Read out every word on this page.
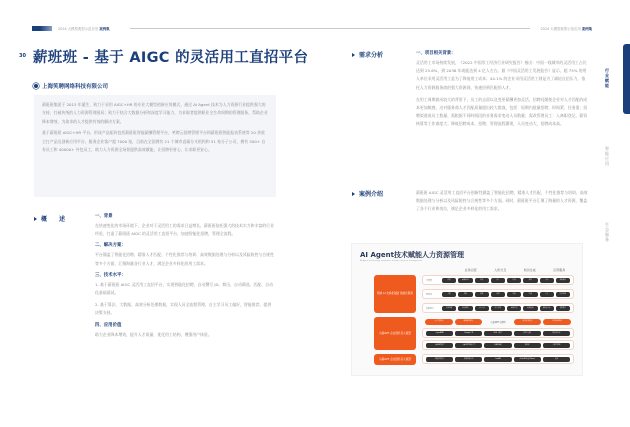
2024 大模型典型示范应用 案例集	2024 大模型典型示范应用 案例集
30 薪班班 - 基于 AIGC 的灵活用工直招平台
上海笑聘网络科技有限公司

薪班班集团于 2015 年诞生，致力于采用 AIGC+HR 的专业大模型创新应用模式，通过 AI Agent 技术为人力资源行业提供强大的支持，打破传统的人力资源管理困局；致力于结合大数据分析和深度学习能力，为求职者提供职业全生命周期的管理服务，帮助企业降本增效，为欲求的人才提供有效的解决方案。

基于薪班班 AIGC+HR 平台，形成产品矩阵包括薪班班智能薪酬管理平台、笑聘云招聘管理平台和薪班班智能报表系统等 20 余款主打产品及创新应用平台，服务企业客户超 7000 家，目前在全国拥有 21 个城市直属分支机构和 51 家分子公司，拥有 500+ 自有员工和 40000+ 外包员工，助力人力资源全场景提供高效赋能，让招聘更省心，让求职更安心。

概　　述	一、背景
在快速变化的市场环境下，企业对于灵活用工的需求日益增长。薪班班依托强大的技术实力和丰富的行业经验，打造了薪班班 AIGC 的灵活用工直招平台，加速智能化招聘，管理全流程。
二、解决方案：
平台涵盖了智能化招聘、精准人才匹配、个性化推荐与培训、高效数据处理与分析以及风险防控与合规性等多个方面，汇聚海量各行业人才，满足企业多样化的用工需求。
三、技术水平：
1. 基于薪班班 AIGC 灵活用工直招平台，实现智能化招聘，自动撰写 JD、简历，自动筛选、匹配、自动化基础面试。
2. 基于算法、大数据、高效分析处理数据，实现人员全流程管理，自主学习员工偏好，智能推荐，提供决策支持。
四、应用价值
助力企业降本增效，提升人才质量，优化用工结构，增强用户体验。
需求分析	一、项目相关背景：
灵活用工市场持续发展，《2022 中国零工经济行业研究报告》指出：中国一线城市的灵活用工占比达到 25.6%，到 2036 年或能达到 4 亿人左右。据《中国灵活用工发展报告》显示，超 75% 的用人单位采用灵活用工是为了降低用工成本；44.1% 的企业采用灵活用工则是为了减轻自招压力，依托人力资源服务商的强大资源网，快速招到匹配的人才。
在用工周期波动较大的背景下，员工的去留以及变更薪酬更加灵活，招聘问题使企业对人才匹配的成本更加敏感，这对服务商人才匹配质量提出较大挑战，包括：短期内批量招聘、时间紧、任务重；招聘渠道或员工数量、需根据不同时间段的业务需求变动人员数量；需改管理员工：入离职登记、薪资核算等工作难度大；降低招聘成本、招聘、管理流程繁琐，人员变动大，招聘成本高。
案例介绍	薪班班 AIGC 灵活用工直招平台创新性涵盖了智能化招聘、精准人才匹配、个性化推荐与培训、高效数据处理与分析以及风险防控与合规性等多个方面。同时，薪班班平台汇聚了海量的人才资源，覆盖了各个行业和岗位，满足企业多样化的用工需求。
AI Agent技术赋能人力资源管理
AI Agent technology empowers human resource management
业务运营	人机交互	知识生成	应用服务
领域 AI 全栈化赋能 智能化服务
大模型	招聘	薪酬管理	社保	用工	培训	绩效	合同	数据服务
智能体	入职	离职	考勤	排班	审批	结算	工资	风控管理
基础能力	语义理解	知识图谱	文本生成	语音识别	图像识别	数据挖掘	多模态生成	智能推荐
小薪GPT 企业级私有大模型
人力资源知识	薪酬财税知识	小薪GPT大模型	政策法规知识	招聘领域知识
OpenBMB	Prompt工程	LLM 大模型	微调工具链	知识库检索
小薪GPT模型	小薪GPT训练平台	向量数据库	知识库	大模型推理
小薪GPT 企业级私有大模型	智能招聘助手	智能客服中心	LLaMA	ChatGLM 通用Stack	其他
行业赋能
智能应用
生态服务
